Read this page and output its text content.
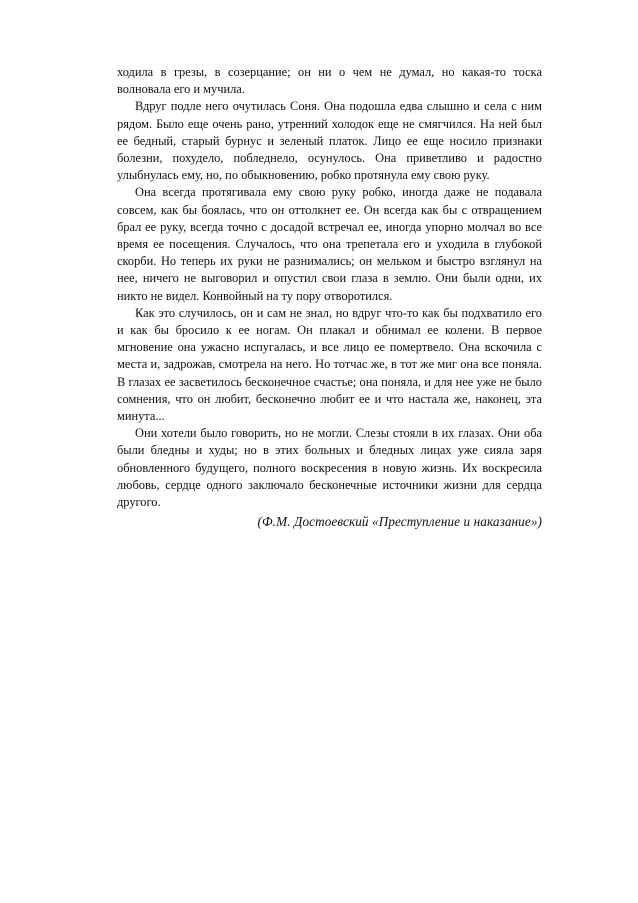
ходила в грезы, в созерцание; он ни о чем не думал, но какая-то тоска волновала его и мучила.

Вдруг подле него очутилась Соня. Она подошла едва слышно и села с ним рядом. Было еще очень рано, утренний холодок еще не смягчился. На ней был ее бедный, старый бурнус и зеленый платок. Лицо ее еще носило признаки болезни, похудело, побледнело, осунулось. Она приветливо и радостно улыбнулась ему, но, по обыкновению, робко протянула ему свою руку.

Она всегда протягивала ему свою руку робко, иногда даже не подавала совсем, как бы боялась, что он оттолкнет ее. Он всегда как бы с отвращением брал ее руку, всегда точно с досадой встречал ее, иногда упорно молчал во все время ее посещения. Случалось, что она трепетала его и уходила в глубокой скорби. Но теперь их руки не разнимались; он мельком и быстро взглянул на нее, ничего не выговорил и опустил свои глаза в землю. Они были одни, их никто не видел. Конвойный на ту пору отворотился.

Как это случилось, он и сам не знал, но вдруг что-то как бы подхватило его и как бы бросило к ее ногам. Он плакал и обнимал ее колени. В первое мгновение она ужасно испугалась, и все лицо ее помертвело. Она вскочила с места и, задрожав, смотрела на него. Но тотчас же, в тот же миг она все поняла. В глазах ее засветилось бесконечное счастье; она поняла, и для нее уже не было сомнения, что он любит, бесконечно любит ее и что настала же, наконец, эта минута...

Они хотели было говорить, но не могли. Слезы стояли в их глазах. Они оба были бледны и худы; но в этих больных и бледных лицах уже сияла заря обновленного будущего, полного воскресения в новую жизнь. Их воскресила любовь, сердце одного заключало бесконечные источники жизни для сердца другого.

(Ф.М. Достоевский «Преступление и наказание»)
